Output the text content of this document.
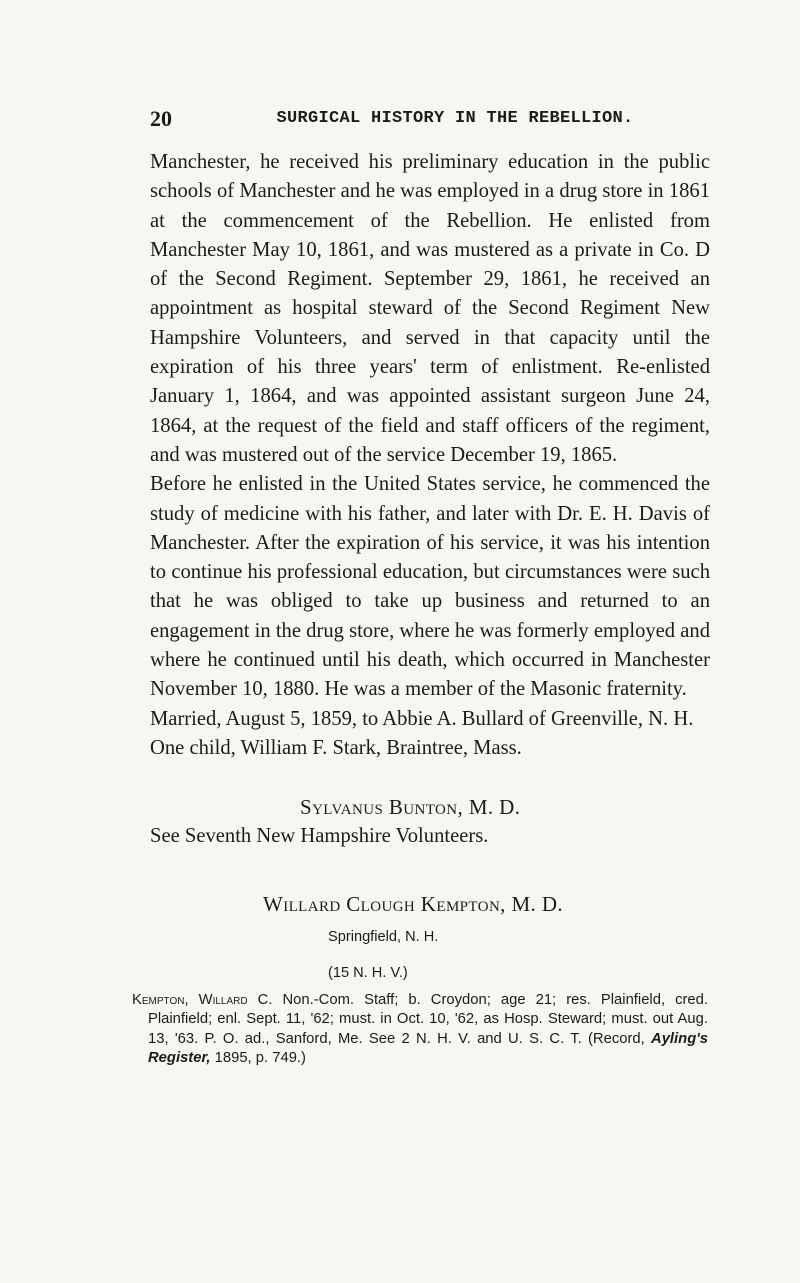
20	SURGICAL HISTORY IN THE REBELLION.

Manchester, he received his preliminary education in the public schools of Manchester and he was employed in a drug store in 1861 at the commencement of the Rebellion. He enlisted from Manchester May 10, 1861, and was mustered as a private in Co. D of the Second Regiment. September 29, 1861, he received an appointment as hospital steward of the Second Regiment New Hampshire Volunteers, and served in that capacity until the expiration of his three years' term of enlistment. Re-enlisted January 1, 1864, and was appointed assistant surgeon June 24, 1864, at the request of the field and staff officers of the regiment, and was mustered out of the service December 19, 1865.

Before he enlisted in the United States service, he commenced the study of medicine with his father, and later with Dr. E. H. Davis of Manchester. After the expiration of his service, it was his intention to continue his professional education, but circumstances were such that he was obliged to take up business and returned to an engagement in the drug store, where he was formerly employed and where he continued until his death, which occurred in Manchester November 10, 1880. He was a member of the Masonic fraternity.

Married, August 5, 1859, to Abbie A. Bullard of Greenville, N. H.

One child, William F. Stark, Braintree, Mass.

Sylvanus Bunton, M. D.

See Seventh New Hampshire Volunteers.

Willard Clough Kempton, M. D.
Springfield, N. H.
(15 N. H. V.)
Kempton, Willard C. Non.-Com. Staff; b. Croydon; age 21; res. Plainfield, cred. Plainfield; enl. Sept. 11, '62; must. in Oct. 10, '62, as Hosp. Steward; must. out Aug. 13, '63. P. O. ad., Sanford, Me. See 2 N. H. V. and U. S. C. T. (Record, Ayling's Register, 1895, p. 749.)
